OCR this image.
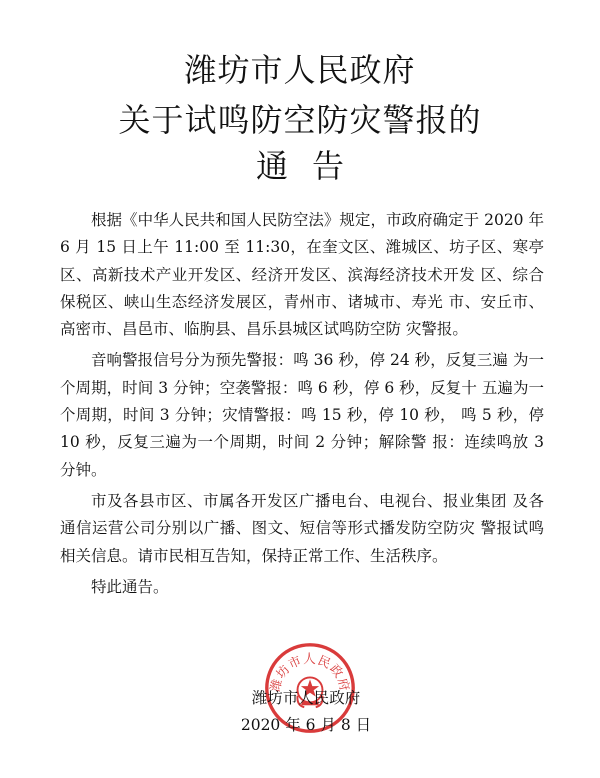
潍坊市人民政府
关于试鸣防空防灾警报的
通告

根据《中华人民共和国人民防空法》规定，市政府确定于 2020 年 6 月 15 日上午 11:00 至 11:30，在奎文区、潍城区、坊子区、寒亭区、高新技术产业开发区、经济开发区、滨海经济技术开发 区、综合保税区、峡山生态经济发展区，青州市、诸城市、寿光 市、安丘市、高密市、昌邑市、临朐县、昌乐县城区试鸣防空防 灾警报。

音响警报信号分为预先警报：鸣 36 秒，停 24 秒，反复三遍 为一个周期，时间 3 分钟；空袭警报：鸣 6 秒，停 6 秒，反复十 五遍为一个周期，时间 3 分钟；灾情警报：鸣 15 秒，停 10 秒， 鸣 5 秒，停 10 秒，反复三遍为一个周期，时间 2 分钟；解除警 报：连续鸣放 3 分钟。

市及各县市区、市属各开发区广播电台、电视台、报业集团 及各通信运营公司分别以广播、图文、短信等形式播发防空防灾 警报试鸣相关信息。请市民相互告知，保持正常工作、生活秩序。

特此通告。

潍坊市人民政府
潍坊市人民政府
2020 年 6 月 8 日
